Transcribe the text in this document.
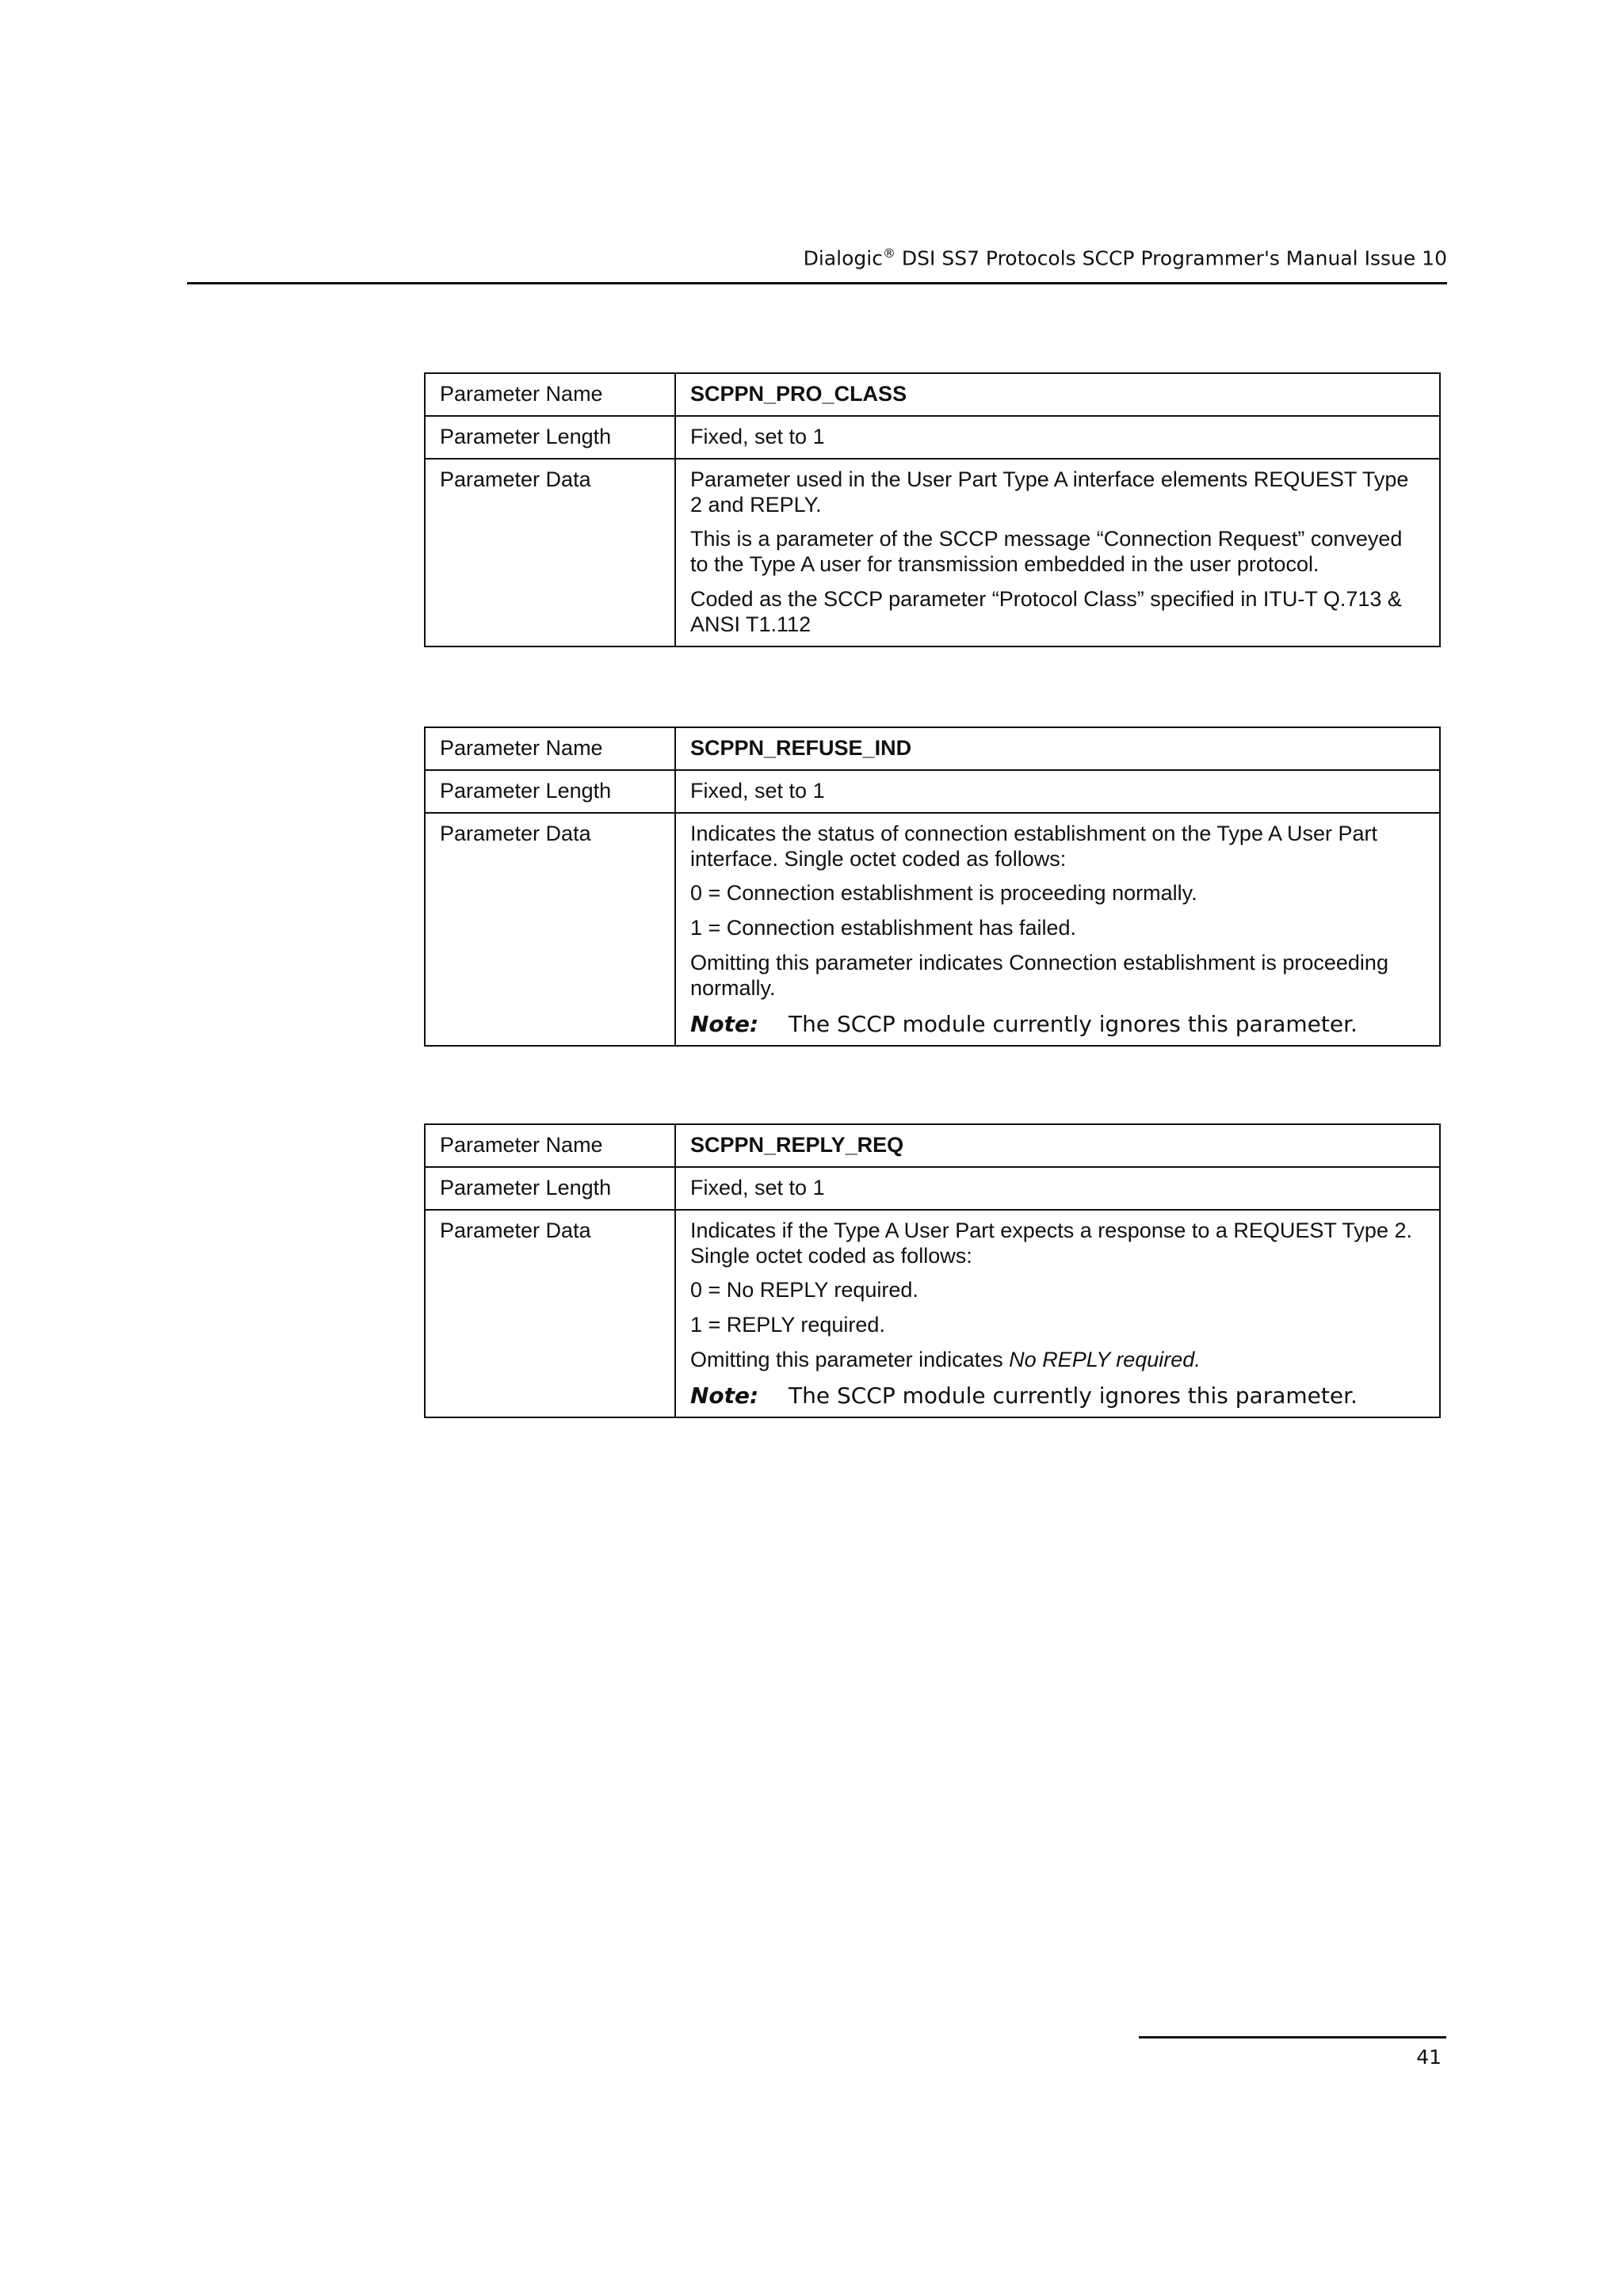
Dialogic® DSI SS7 Protocols SCCP Programmer's Manual Issue 10
Parameter Name	SCPPN_PRO_CLASS
Parameter Length	Fixed, set to 1
Parameter Data	Parameter used in the User Part Type A interface elements REQUEST Type 2 and REPLY.

This is a parameter of the SCCP message “Connection Request” conveyed to the Type A user for transmission embedded in the user protocol.

Coded as the SCCP parameter “Protocol Class” specified in ITU-T Q.713 & ANSI T1.112

Parameter Name	SCPPN_REFUSE_IND
Parameter Length	Fixed, set to 1
Parameter Data	Indicates the status of connection establishment on the Type A User Part interface. Single octet coded as follows:

0 = Connection establishment is proceeding normally.

1 = Connection establishment has failed.

Omitting this parameter indicates Connection establishment is proceeding normally.

Note: The SCCP module currently ignores this parameter.

Parameter Name	SCPPN_REPLY_REQ
Parameter Length	Fixed, set to 1
Parameter Data	Indicates if the Type A User Part expects a response to a REQUEST Type 2. Single octet coded as follows:

0 = No REPLY required.

1 = REPLY required.

Omitting this parameter indicates No REPLY required.

Note: The SCCP module currently ignores this parameter.

41
